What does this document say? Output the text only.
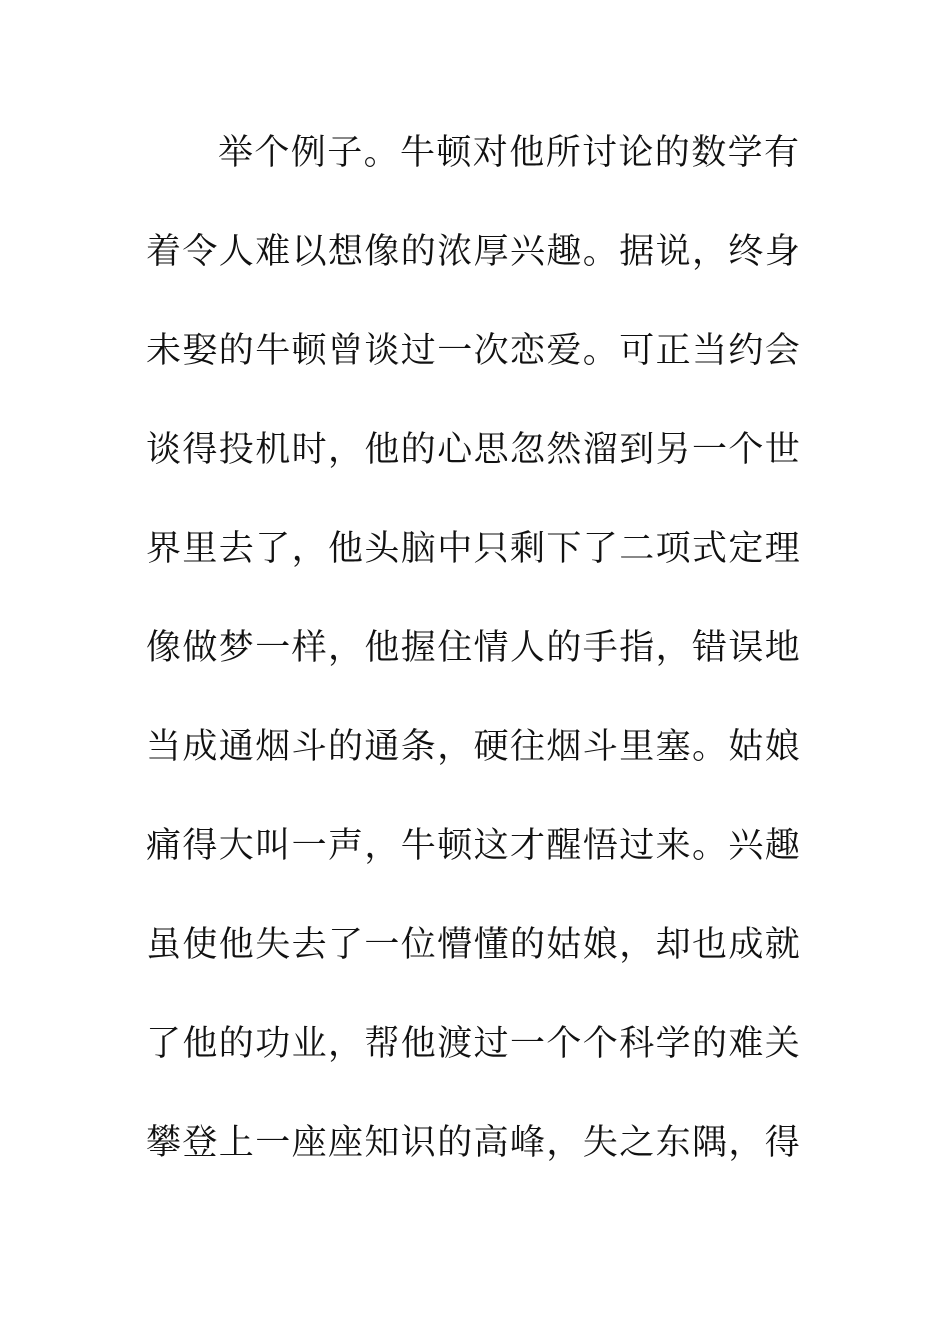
举个例子。牛顿对他所讨论的数学有
着令人难以想像的浓厚兴趣。据说，终身
未娶的牛顿曾谈过一次恋爱。可正当约会
谈得投机时，他的心思忽然溜到另一个世
界里去了，他头脑中只剩下了二项式定理
像做梦一样，他握住情人的手指，错误地
当成通烟斗的通条，硬往烟斗里塞。姑娘
痛得大叫一声，牛顿这才醒悟过来。兴趣
虽使他失去了一位懵懂的姑娘，却也成就
了他的功业，帮他渡过一个个科学的难关
攀登上一座座知识的高峰，失之东隅，得
